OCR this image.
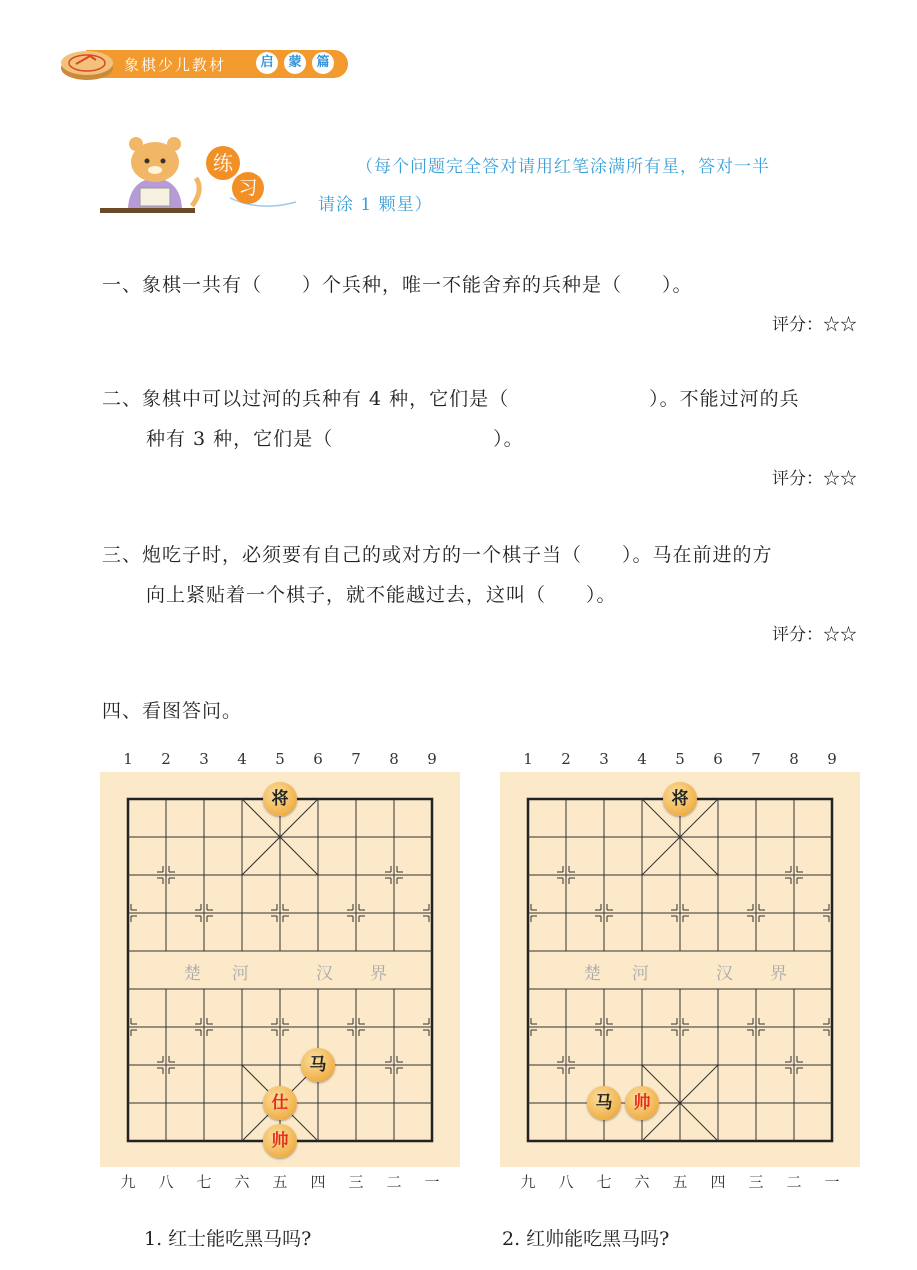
象棋少儿教材	启	蒙	篇
练
习
（每个问题完全答对请用红笔涂满所有星，答对一半
请涂 1 颗星）
一、象棋一共有（　　）个兵种，唯一不能舍弃的兵种是（　　）。
评分：☆☆
二、象棋中可以过河的兵种有 4 种，它们是（　　　　　　　）。不能过河的兵
种有 3 种，它们是（　　　　　　　　）。
评分：☆☆
三、炮吃子时，必须要有自己的或对方的一个棋子当（　　）。马在前进的方
向上紧贴着一个棋子，就不能越过去，这叫（　　）。
评分：☆☆
四、看图答问。
楚 河	汉 界
将
马
仕
帅
楚 河	汉 界
将
马	帅
1. 红士能吃黑马吗?	2. 红帅能吃黑马吗?
1	2	3	4	5	6	7	8	9
九	八	七	六	五	四	三	二	一
1	2	3	4	5	6	7	8	9
九	八	七	六	五	四	三	二	一
